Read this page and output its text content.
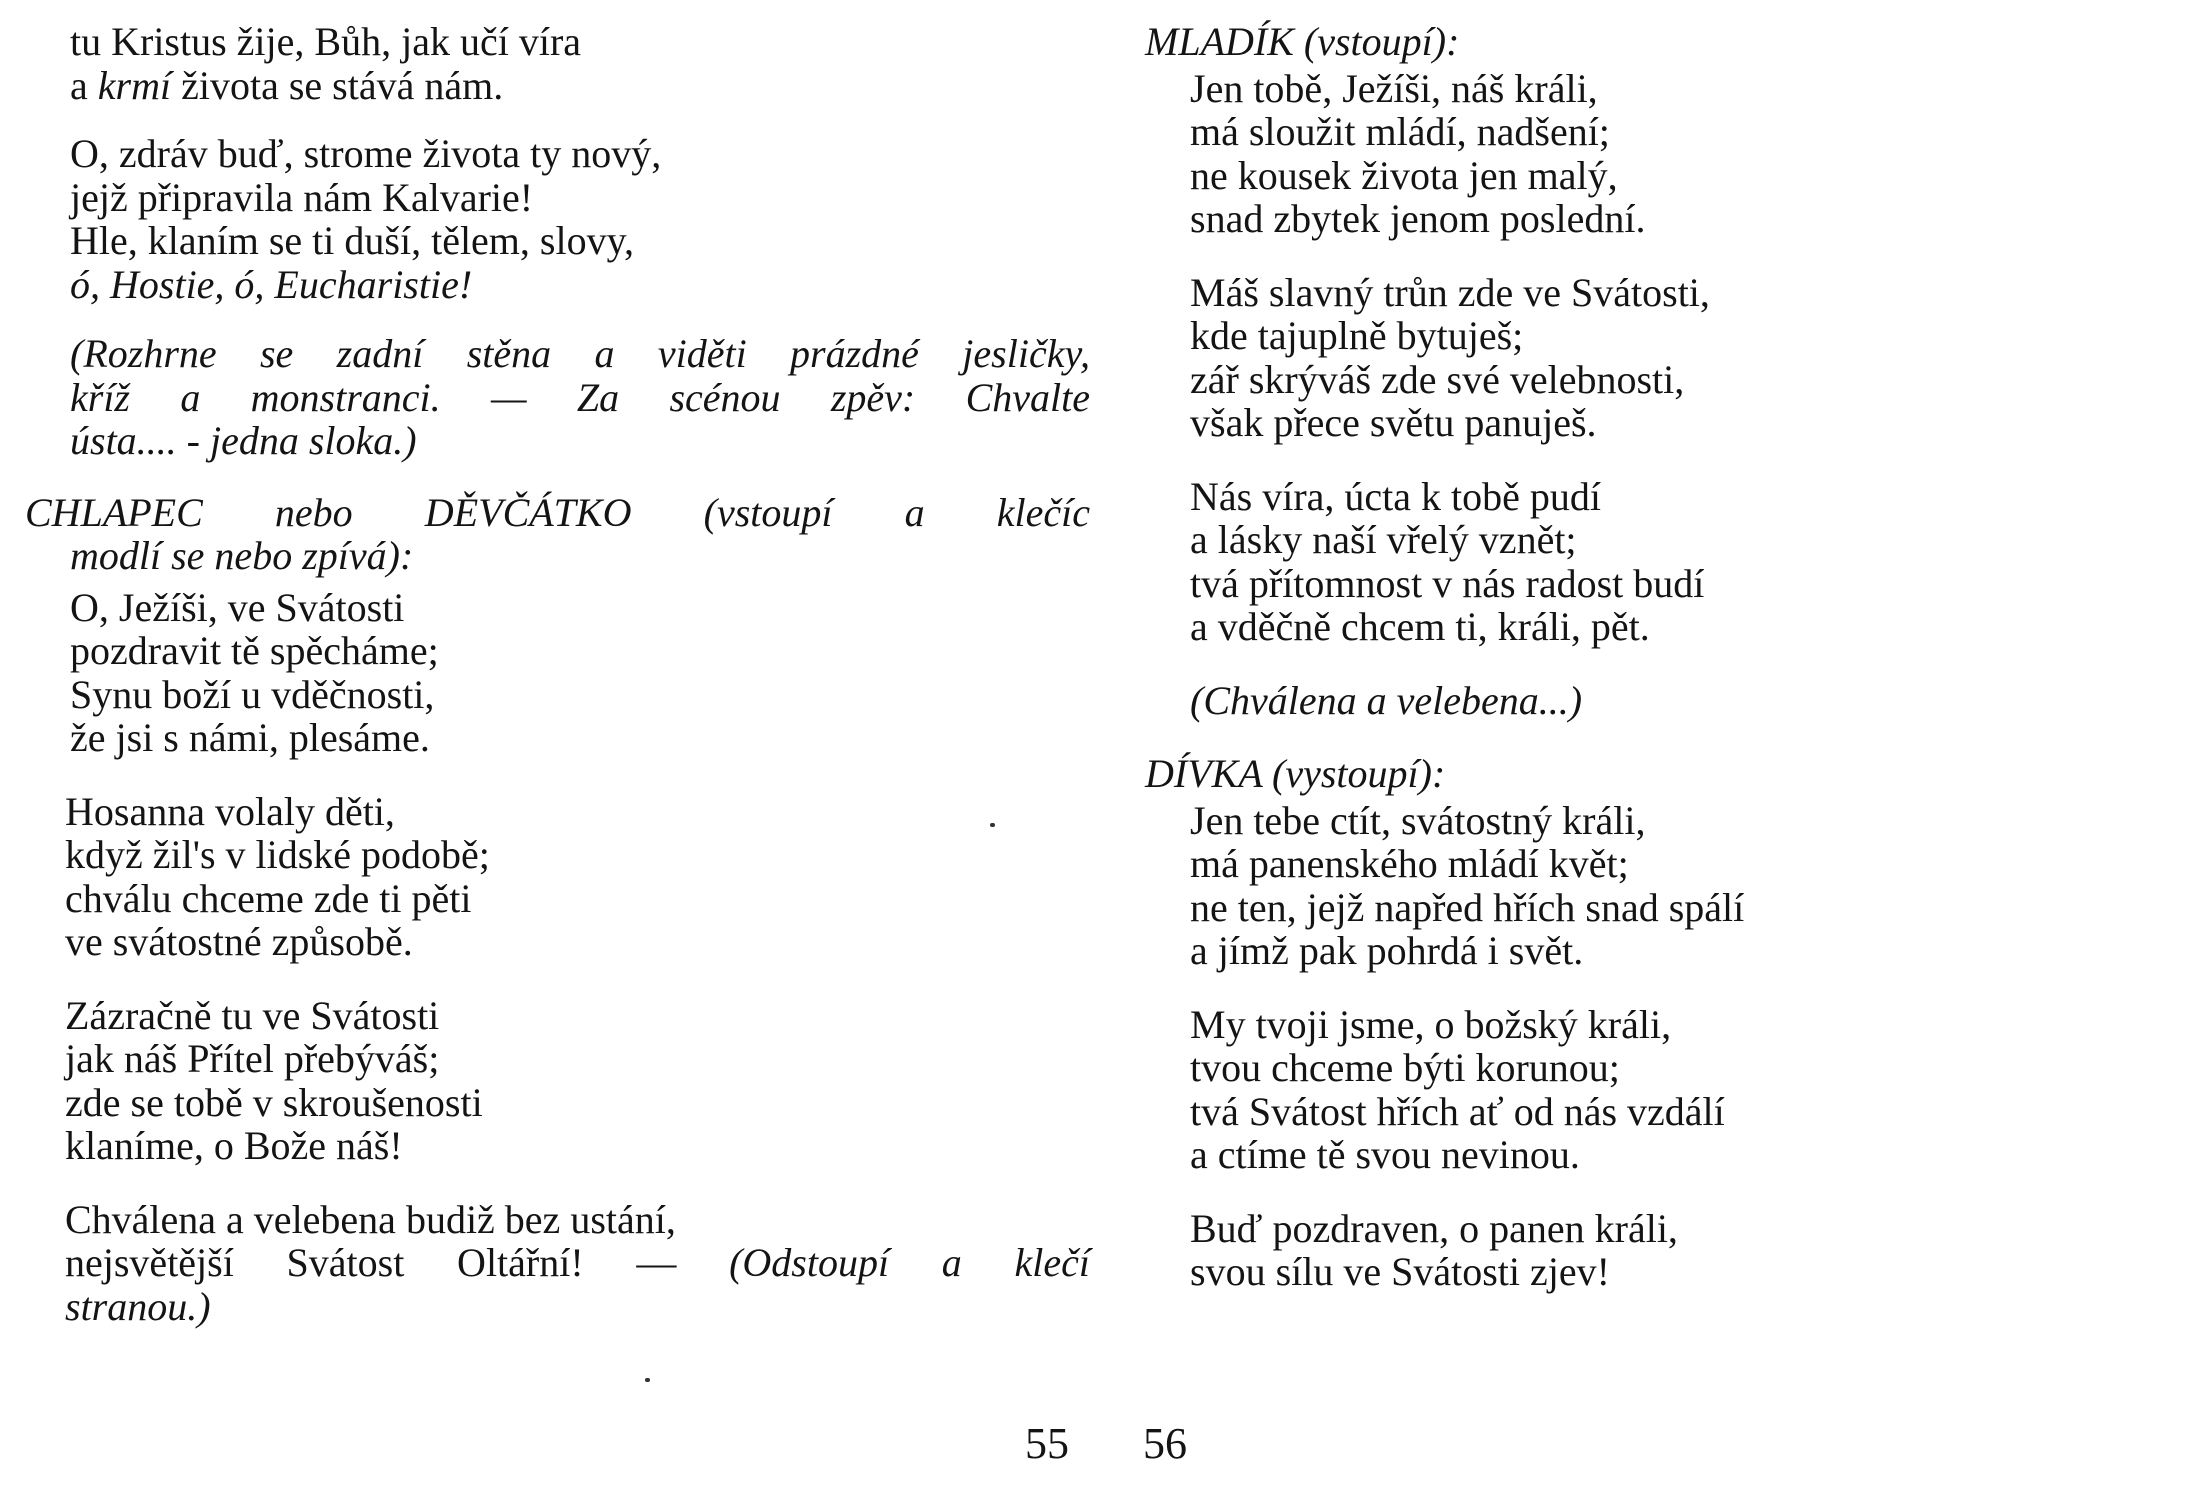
tu Kristus žije, Bůh, jak učí víra
a krmí života se stává nám.
O, zdráv buď, strome života ty nový,
jejž připravila nám Kalvarie!
Hle, klaním se ti duší, tělem, slovy,
ó, Hostie, ó, Eucharistie!
(Rozhrne se zadní stěna a viděti prázdné jesličky,
kříž a monstranci. — Za scénou zpěv: Chvalte
ústa.... - jedna sloka.)
CHLAPEC nebo DĚVČÁTKO (vstoupí a klečíc
modlí se nebo zpívá):
O, Ježíši, ve Svátosti
pozdravit tě spěcháme;
Synu boží u vděčnosti,
že jsi s námi, plesáme.
Hosanna volaly děti,
když žil's v lidské podobě;
chválu chceme zde ti pěti
ve svátostné způsobě.
Zázračně tu ve Svátosti
jak náš Přítel přebýváš;
zde se tobě v skroušenosti
klaníme, o Bože náš!
Chválena a velebena budiž bez ustání,
nejsvětější Svátost Oltářní! — (Odstoupí a klečí
stranou.)
MLADÍK (vstoupí):
Jen tobě, Ježíši, náš králi,
má sloužit mládí, nadšení;
ne kousek života jen malý,
snad zbytek jenom poslední.
Máš slavný trůn zde ve Svátosti,
kde tajuplně bytuješ;
zář skrýváš zde své velebnosti,
však přece světu panuješ.
Nás víra, úcta k tobě pudí
a lásky naší vřelý vznět;
tvá přítomnost v nás radost budí
a vděčně chcem ti, králi, pět.
(Chválena a velebena...)
DÍVKA (vystoupí):
Jen tebe ctít, svátostný králi,
má panenského mládí květ;
ne ten, jejž napřed hřích snad spálí
a jímž pak pohrdá i svět.
My tvoji jsme, o božský králi,
tvou chceme býti korunou;
tvá Svátost hřích ať od nás vzdálí
a ctíme tě svou nevinou.
Buď pozdraven, o panen králi,
svou sílu ve Svátosti zjev!
55 56
